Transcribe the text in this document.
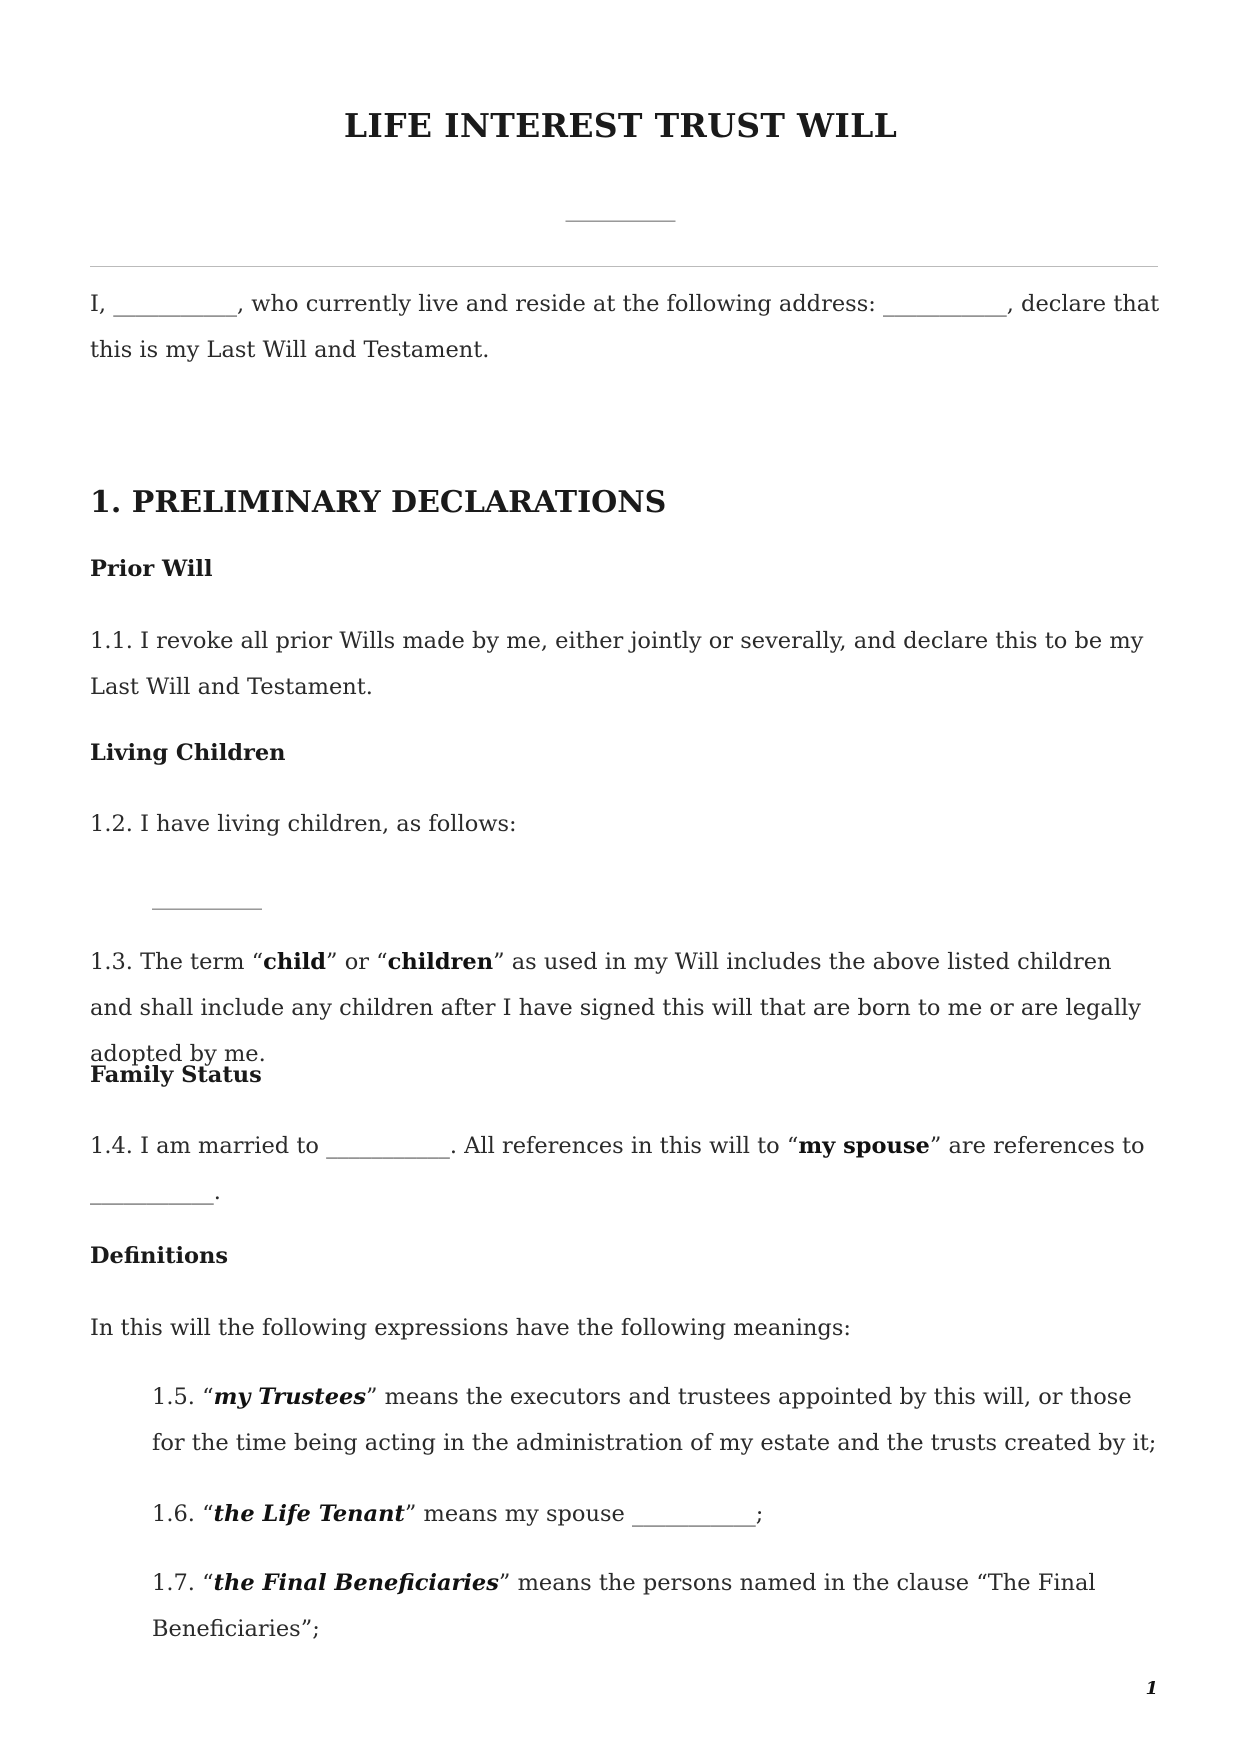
LIFE INTEREST TRUST WILL
___________

I, ___________, who currently live and reside at the following address: ___________, declare that this is my Last Will and Testament.

1. PRELIMINARY DECLARATIONS
Prior Will

1.1. I revoke all prior Wills made by me, either jointly or severally, and declare this to be my Last Will and Testament.

Living Children

1.2. I have living children, as follows:

___________

1.3. The term “child” or “children” as used in my Will includes the above listed children and shall include any children after I have signed this will that are born to me or are legally adopted by me.

Family Status

1.4. I am married to ___________. All references in this will to “my spouse” are references to
___________.

Definitions

In this will the following expressions have the following meanings:

1.5. “my Trustees” means the executors and trustees appointed by this will, or those for the time being acting in the administration of my estate and the trusts created by it;

1.6. “the Life Tenant” means my spouse ___________;

1.7. “the Final Beneficiaries” means the persons named in the clause “The Final Beneficiaries”;

1
